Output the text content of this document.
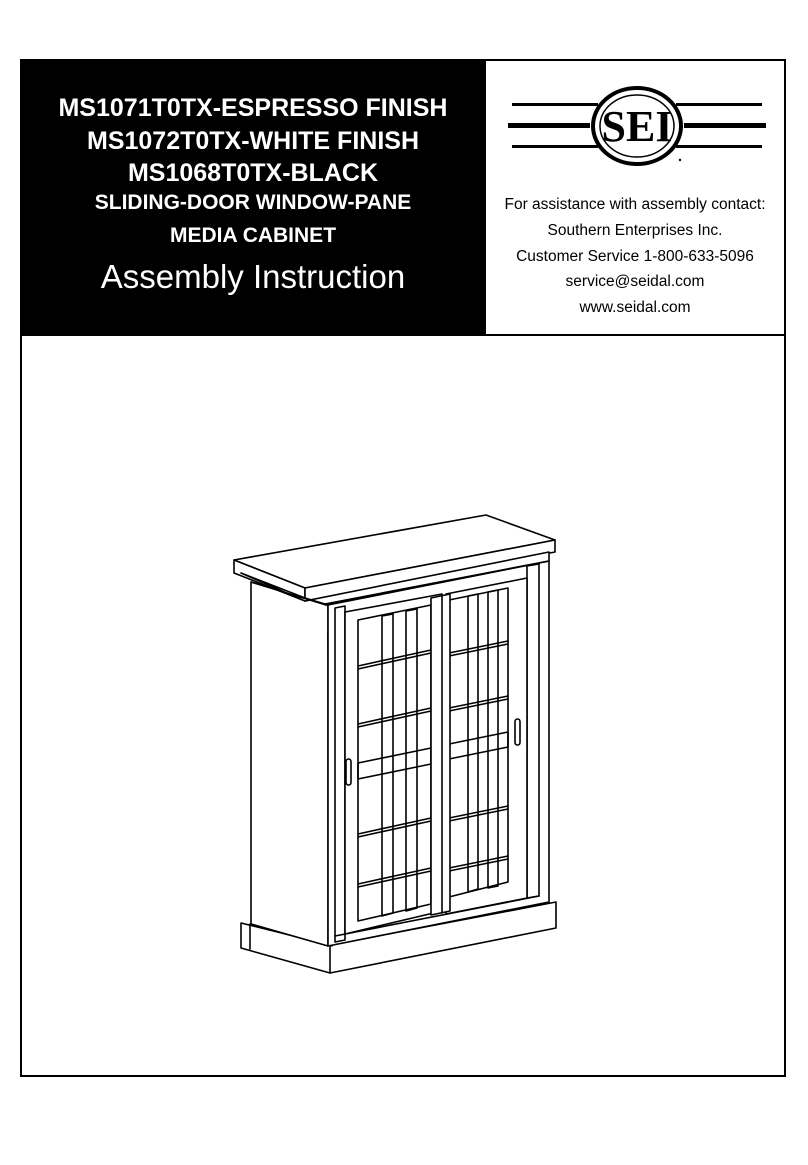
MS1071T0TX-ESPRESSO FINISH
MS1072T0TX-WHITE FINISH
MS1068T0TX-BLACK
SLIDING-DOOR WINDOW-PANE
MEDIA CABINET
Assembly Instruction
SEI
For assistance with assembly contact:
Southern Enterprises Inc.
Customer Service 1-800-633-5096
service@seidal.com
www.seidal.com
